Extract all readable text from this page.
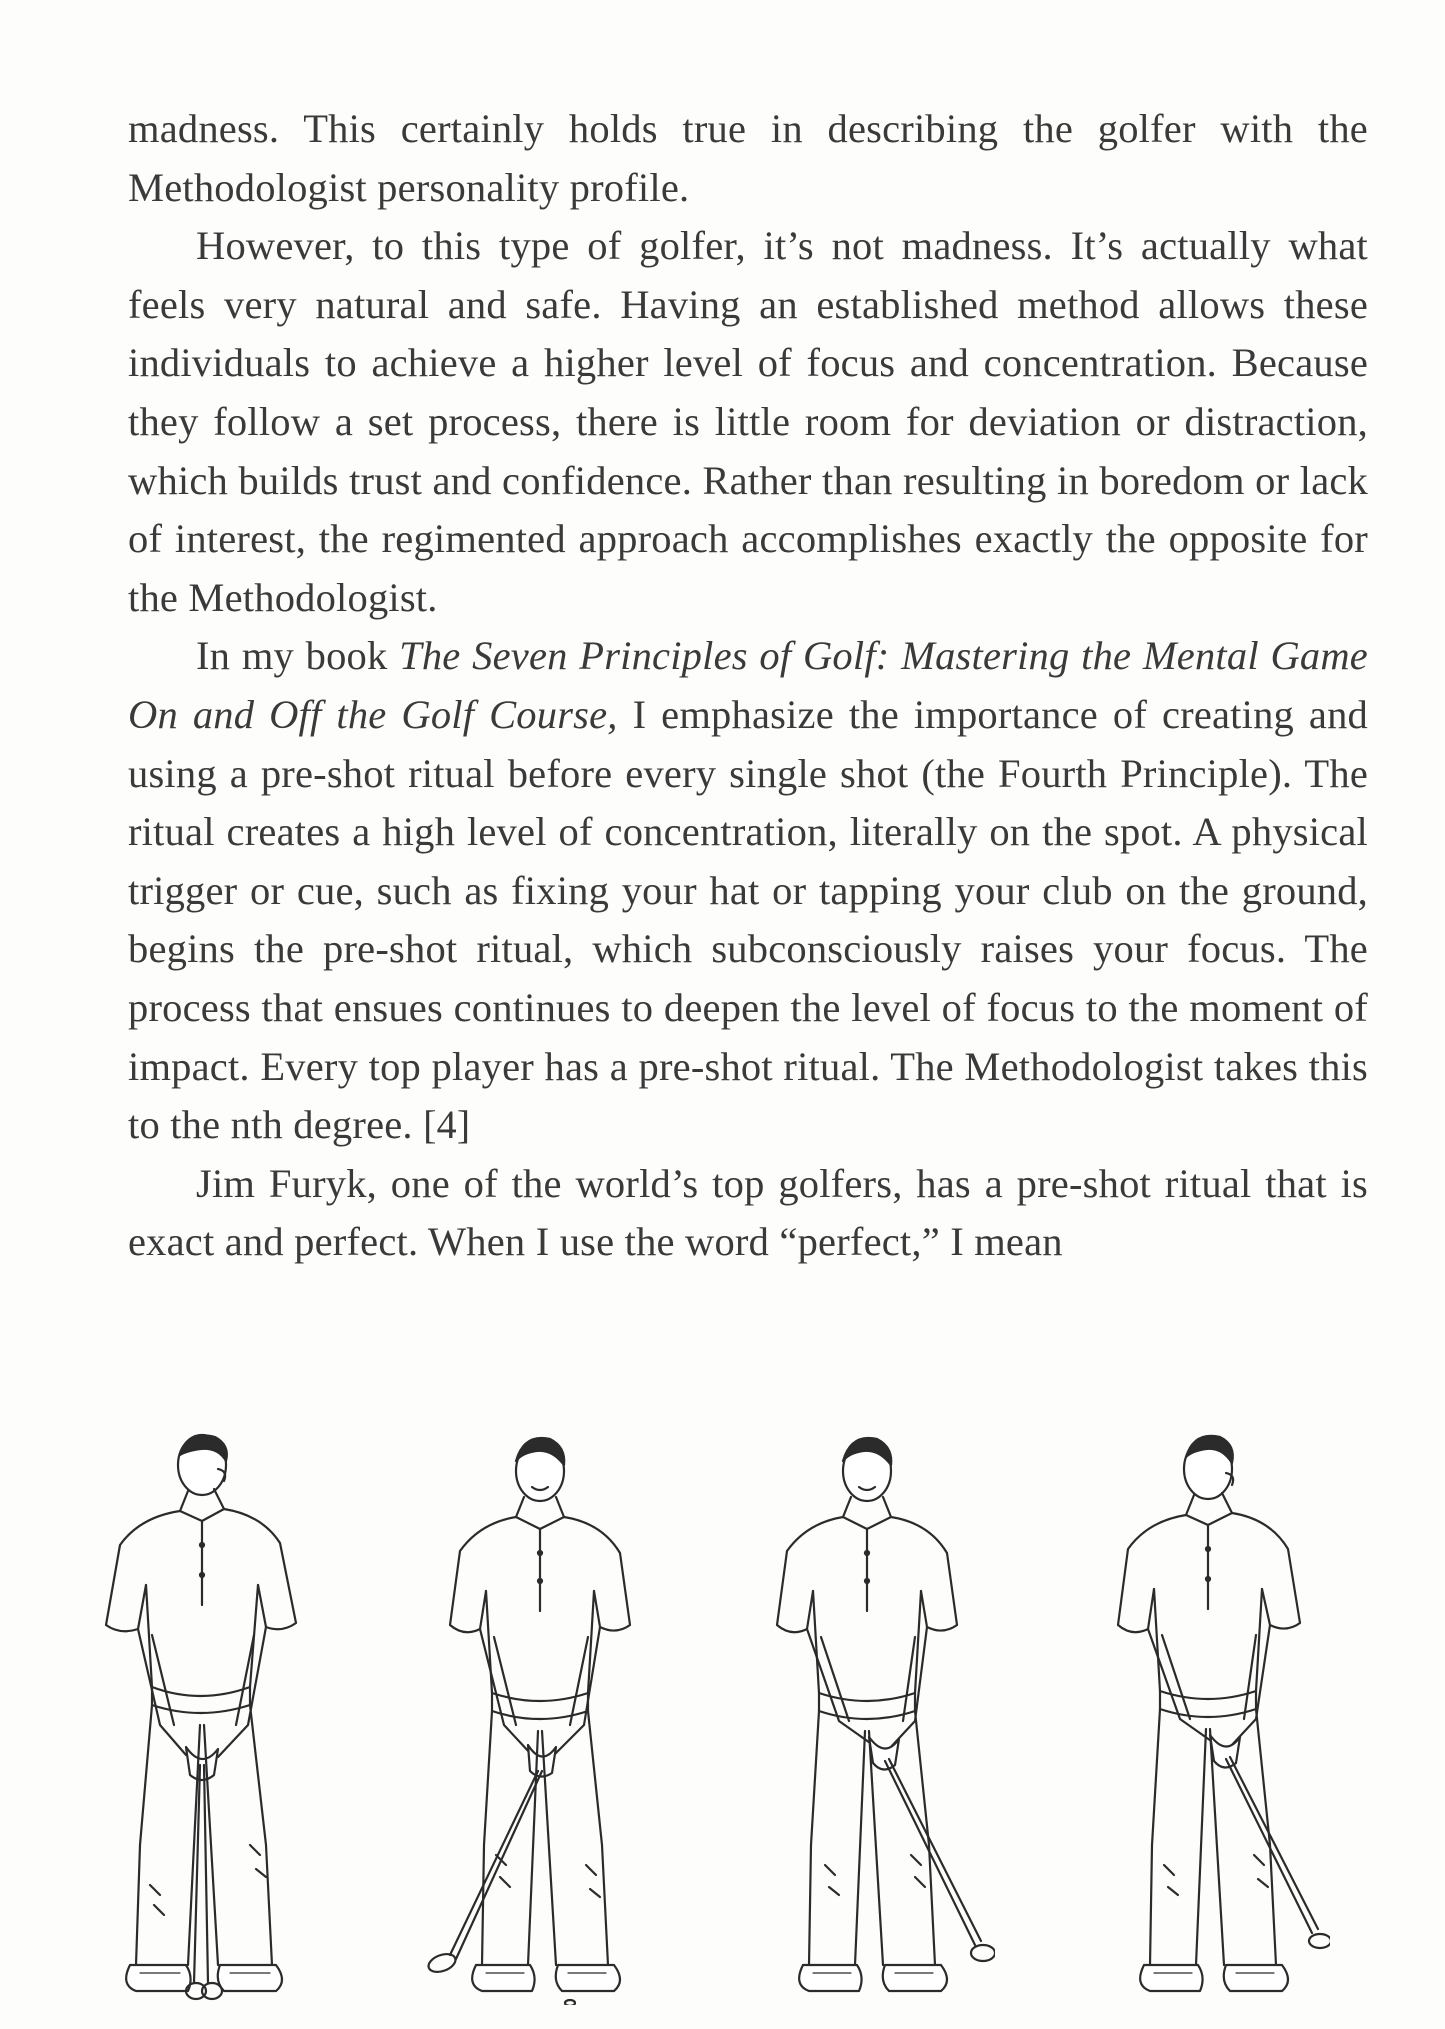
madness. This certainly holds true in describing the golfer with the Methodologist personality profile.

However, to this type of golfer, it’s not madness. It’s actually what feels very natural and safe. Having an established method allows these individuals to achieve a higher level of focus and concentration. Because they follow a set process, there is little room for deviation or distraction, which builds trust and confidence. Rather than resulting in boredom or lack of interest, the regimented approach accomplishes exactly the opposite for the Methodologist.

In my book The Seven Principles of Golf: Mastering the Mental Game On and Off the Golf Course, I emphasize the importance of creating and using a pre-shot ritual before every single shot (the Fourth Principle). The ritual creates a high level of concentration, literally on the spot. A physical trigger or cue, such as fixing your hat or tapping your club on the ground, begins the pre-shot ritual, which subconsciously raises your focus. The process that ensues continues to deepen the level of focus to the moment of impact. Every top player has a pre-shot ritual. The Methodologist takes this to the nth degree. [4]

Jim Furyk, one of the world’s top golfers, has a pre-shot ritual that is exact and perfect. When I use the word “perfect,” I mean
